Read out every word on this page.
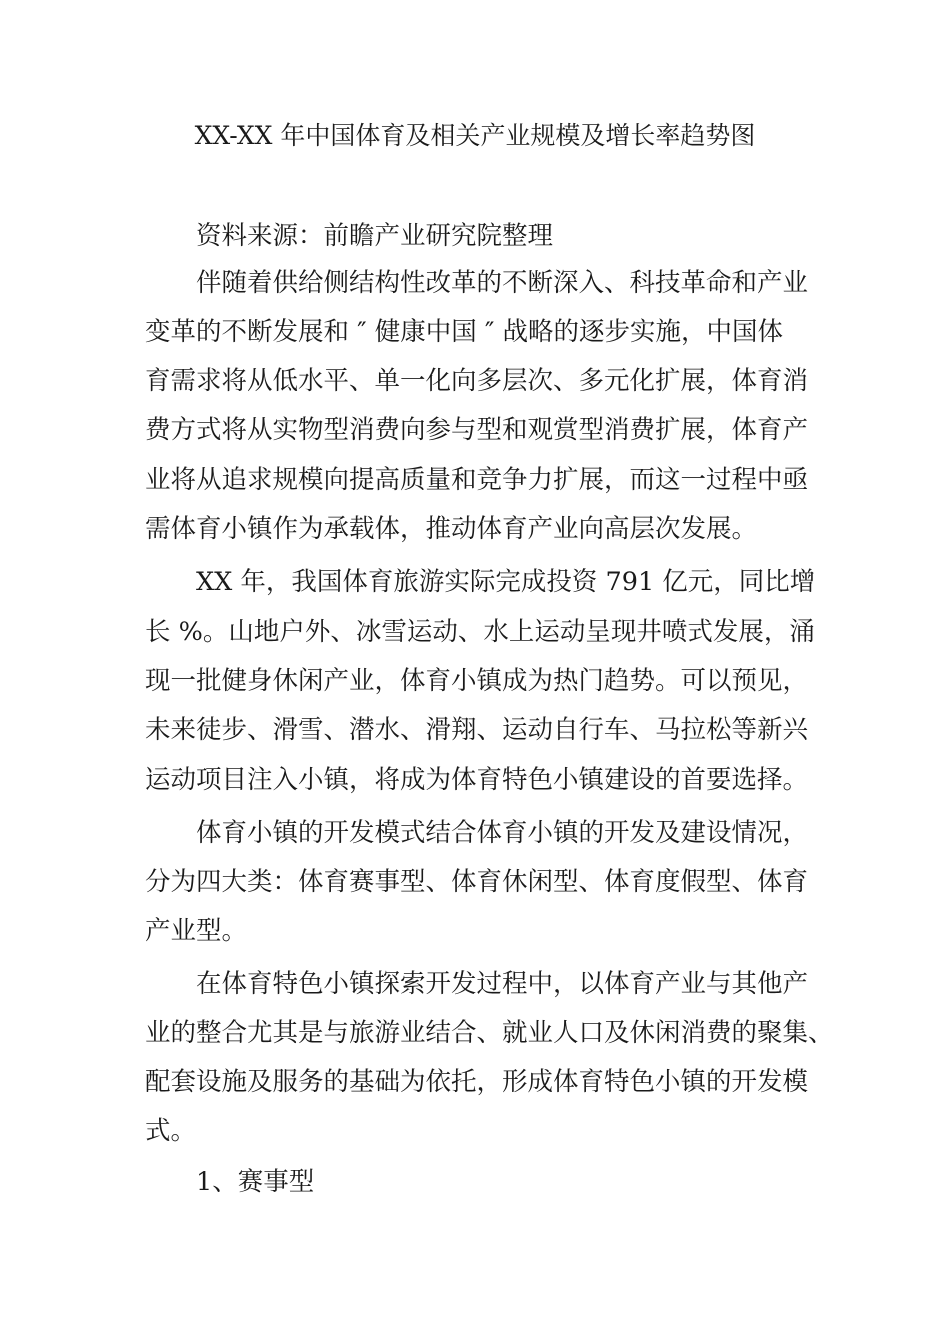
XX-XX 年中国体育及相关产业规模及增长率趋势图
资料来源：前瞻产业研究院整理
伴随着供给侧结构性改革的不断深入、科技革命和产业
变革的不断发展和 ″ 健康中国 ″ 战略的逐步实施，中国体
育需求将从低水平、单一化向多层次、多元化扩展，体育消
费方式将从实物型消费向参与型和观赏型消费扩展，体育产
业将从追求规模向提高质量和竞争力扩展，而这一过程中亟
需体育小镇作为承载体，推动体育产业向高层次发展。
XX 年，我国体育旅游实际完成投资 791 亿元，同比增
长 %。山地户外、冰雪运动、水上运动呈现井喷式发展，涌
现一批健身休闲产业，体育小镇成为热门趋势。可以预见，
未来徒步、滑雪、潜水、滑翔、运动自行车、马拉松等新兴
运动项目注入小镇，将成为体育特色小镇建设的首要选择。
体育小镇的开发模式结合体育小镇的开发及建设情况，
分为四大类：体育赛事型、体育休闲型、体育度假型、体育
产业型。
在体育特色小镇探索开发过程中，以体育产业与其他产
业的整合尤其是与旅游业结合、就业人口及休闲消费的聚集、
配套设施及服务的基础为依托，形成体育特色小镇的开发模
式。
1、赛事型
